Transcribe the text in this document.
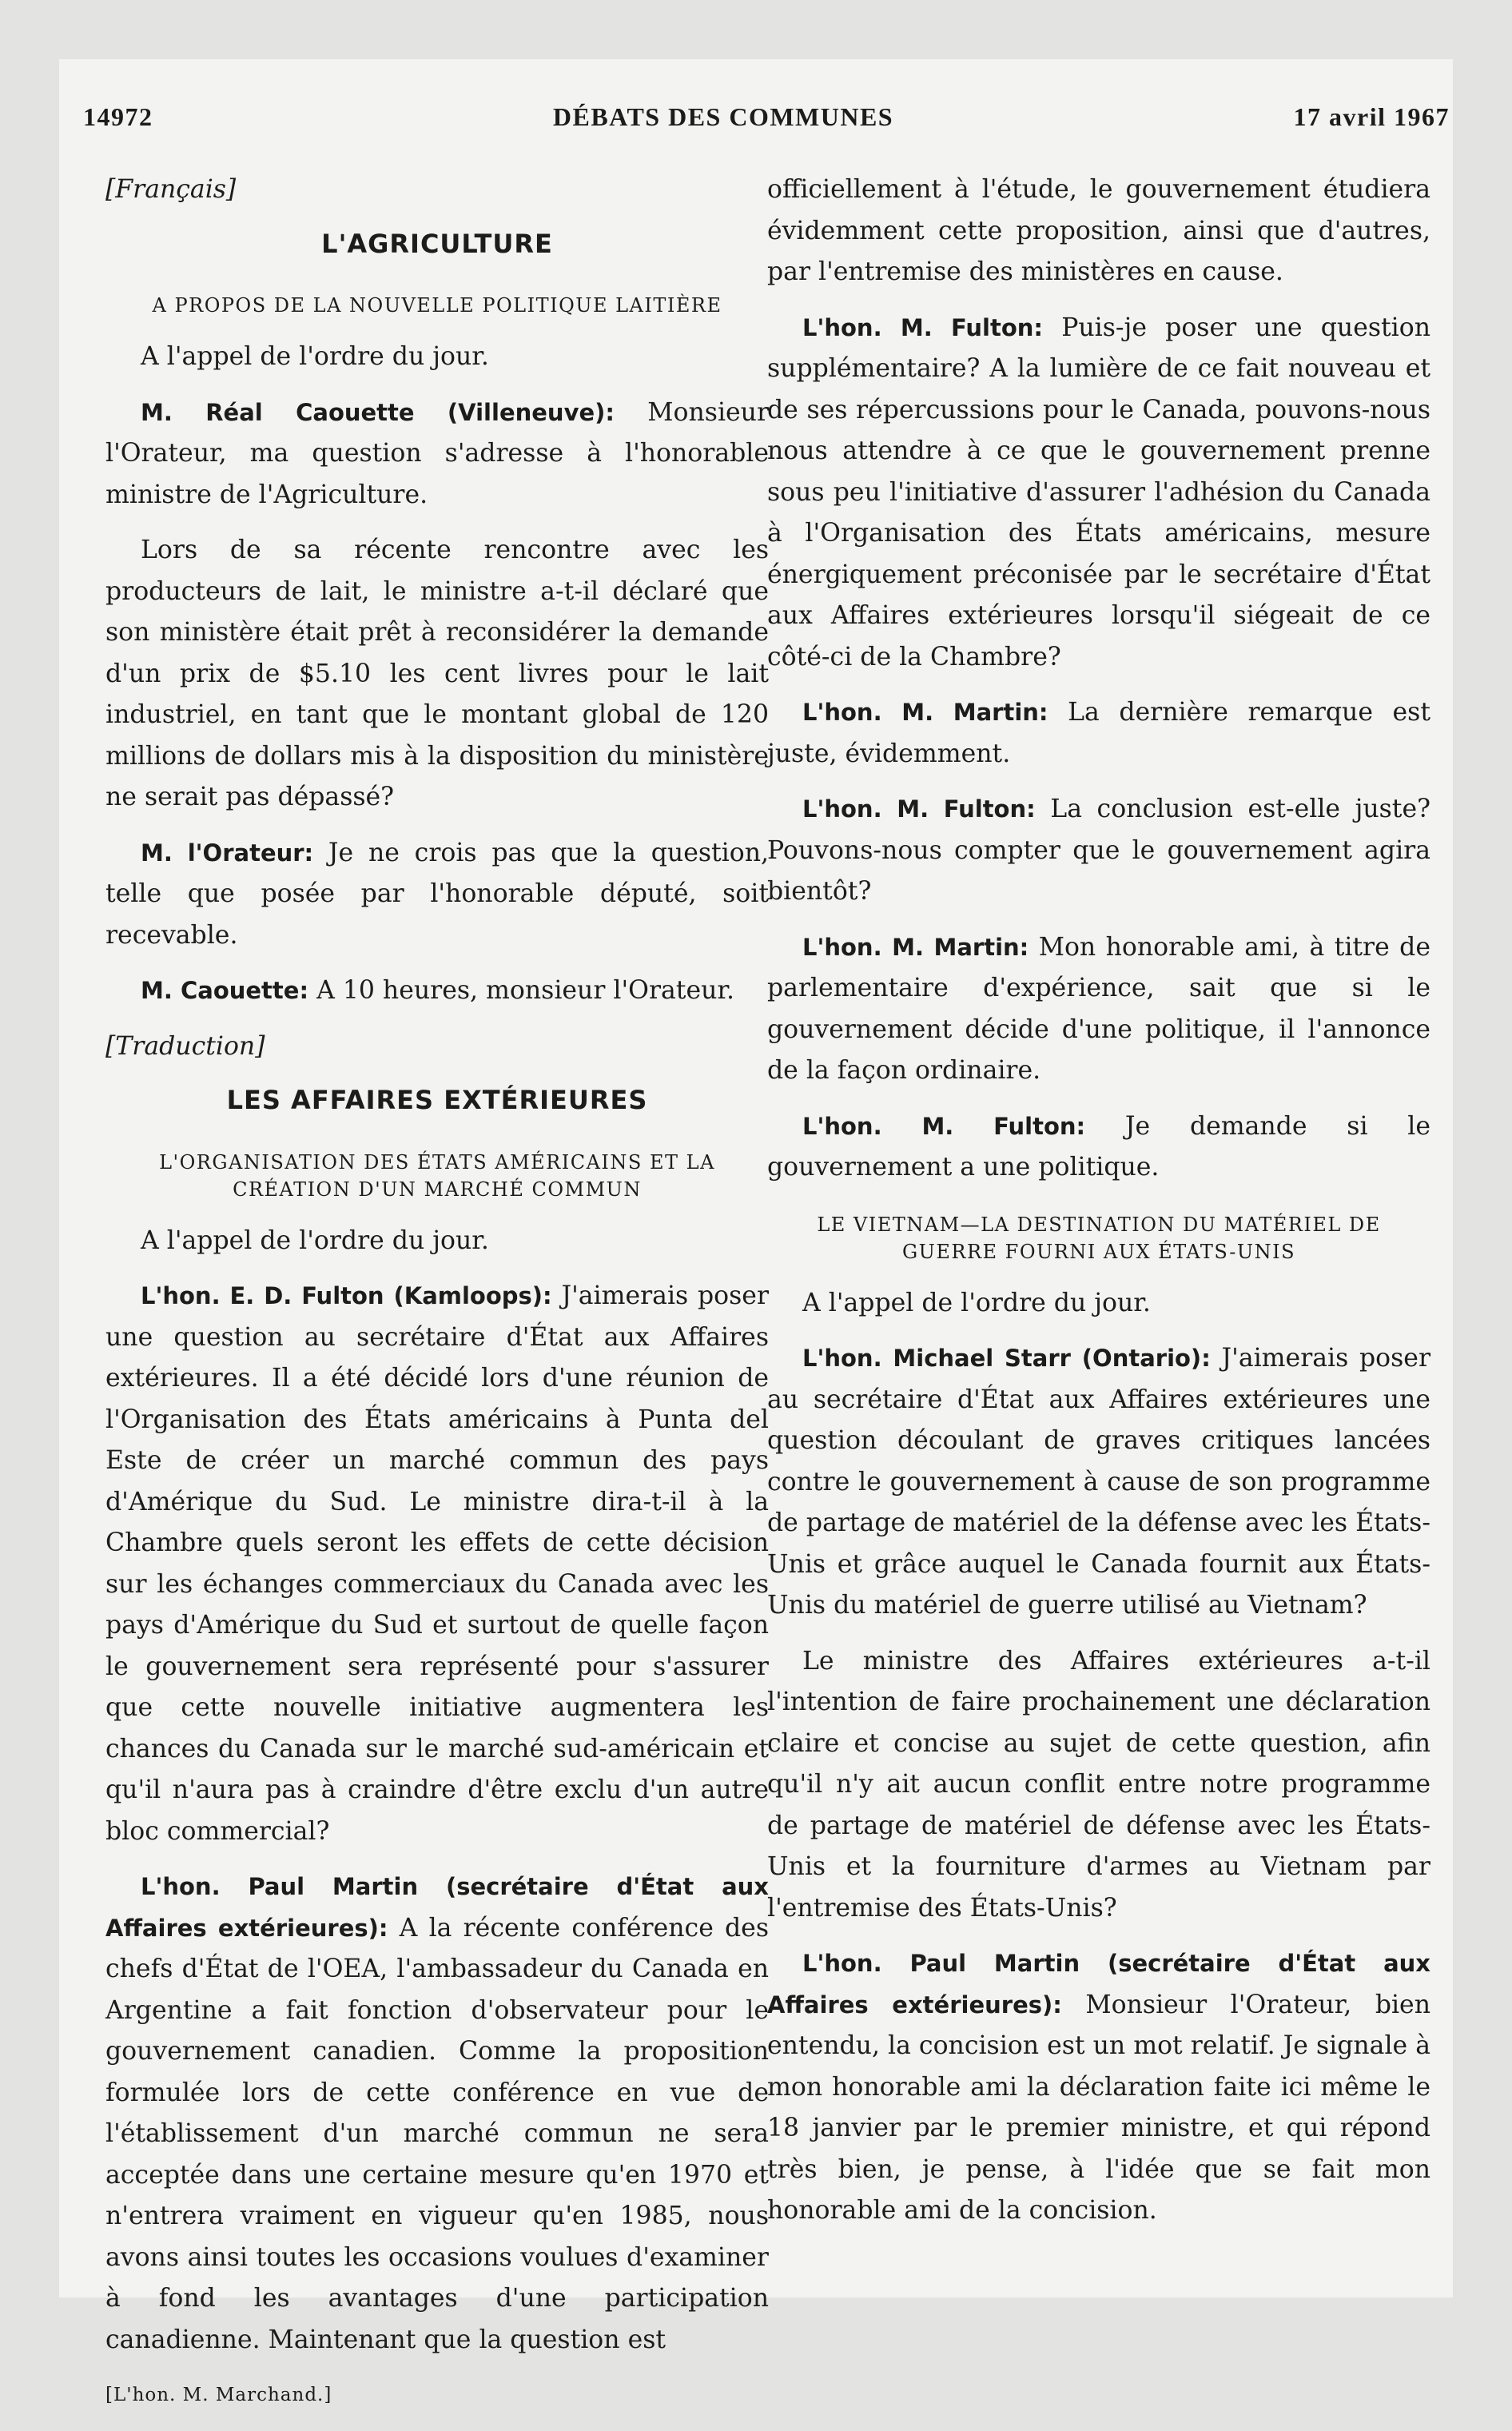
14972	DÉBATS DES COMMUNES	17 avril 1967

[Français]

L'AGRICULTURE
A PROPOS DE LA NOUVELLE POLITIQUE LAITIÈRE

A l'appel de l'ordre du jour.

M. Réal Caouette (Villeneuve): Monsieur l'Orateur, ma question s'adresse à l'honorable ministre de l'Agriculture.

Lors de sa récente rencontre avec les producteurs de lait, le ministre a-t-il déclaré que son ministère était prêt à reconsidérer la demande d'un prix de $5.10 les cent livres pour le lait industriel, en tant que le montant global de 120 millions de dollars mis à la disposition du ministère ne serait pas dépassé?

M. l'Orateur: Je ne crois pas que la question, telle que posée par l'honorable député, soit recevable.

M. Caouette: A 10 heures, monsieur l'Orateur.

[Traduction]

LES AFFAIRES EXTÉRIEURES
L'ORGANISATION DES ÉTATS AMÉRICAINS ET LA CRÉATION D'UN MARCHÉ COMMUN

A l'appel de l'ordre du jour.

L'hon. E. D. Fulton (Kamloops): J'aimerais poser une question au secrétaire d'État aux Affaires extérieures. Il a été décidé lors d'une réunion de l'Organisation des États américains à Punta del Este de créer un marché commun des pays d'Amérique du Sud. Le ministre dira-t-il à la Chambre quels seront les effets de cette décision sur les échanges commerciaux du Canada avec les pays d'Amérique du Sud et surtout de quelle façon le gouvernement sera représenté pour s'assurer que cette nouvelle initiative augmentera les chances du Canada sur le marché sud-américain et qu'il n'aura pas à craindre d'être exclu d'un autre bloc commercial?

L'hon. Paul Martin (secrétaire d'État aux Affaires extérieures): A la récente conférence des chefs d'État de l'OEA, l'ambassadeur du Canada en Argentine a fait fonction d'observateur pour le gouvernement canadien. Comme la proposition formulée lors de cette conférence en vue de l'établissement d'un marché commun ne sera acceptée dans une certaine mesure qu'en 1970 et n'entrera vraiment en vigueur qu'en 1985, nous avons ainsi toutes les occasions voulues d'examiner à fond les avantages d'une participation canadienne. Maintenant que la question est

[L'hon. M. Marchand.]

officiellement à l'étude, le gouvernement étudiera évidemment cette proposition, ainsi que d'autres, par l'entremise des ministères en cause.

L'hon. M. Fulton: Puis-je poser une question supplémentaire? A la lumière de ce fait nouveau et de ses répercussions pour le Canada, pouvons-nous nous attendre à ce que le gouvernement prenne sous peu l'initiative d'assurer l'adhésion du Canada à l'Organisation des États américains, mesure énergiquement préconisée par le secrétaire d'État aux Affaires extérieures lorsqu'il siégeait de ce côté-ci de la Chambre?

L'hon. M. Martin: La dernière remarque est juste, évidemment.

L'hon. M. Fulton: La conclusion est-elle juste? Pouvons-nous compter que le gouvernement agira bientôt?

L'hon. M. Martin: Mon honorable ami, à titre de parlementaire d'expérience, sait que si le gouvernement décide d'une politique, il l'annonce de la façon ordinaire.

L'hon. M. Fulton: Je demande si le gouvernement a une politique.

LE VIETNAM—LA DESTINATION DU MATÉRIEL DE GUERRE FOURNI AUX ÉTATS-UNIS

A l'appel de l'ordre du jour.

L'hon. Michael Starr (Ontario): J'aimerais poser au secrétaire d'État aux Affaires extérieures une question découlant de graves critiques lancées contre le gouvernement à cause de son programme de partage de matériel de la défense avec les États-Unis et grâce auquel le Canada fournit aux États-Unis du matériel de guerre utilisé au Vietnam?

Le ministre des Affaires extérieures a-t-il l'intention de faire prochainement une déclaration claire et concise au sujet de cette question, afin qu'il n'y ait aucun conflit entre notre programme de partage de matériel de défense avec les États-Unis et la fourniture d'armes au Vietnam par l'entremise des États-Unis?

L'hon. Paul Martin (secrétaire d'État aux Affaires extérieures): Monsieur l'Orateur, bien entendu, la concision est un mot relatif. Je signale à mon honorable ami la déclaration faite ici même le 18 janvier par le premier ministre, et qui répond très bien, je pense, à l'idée que se fait mon honorable ami de la concision.
